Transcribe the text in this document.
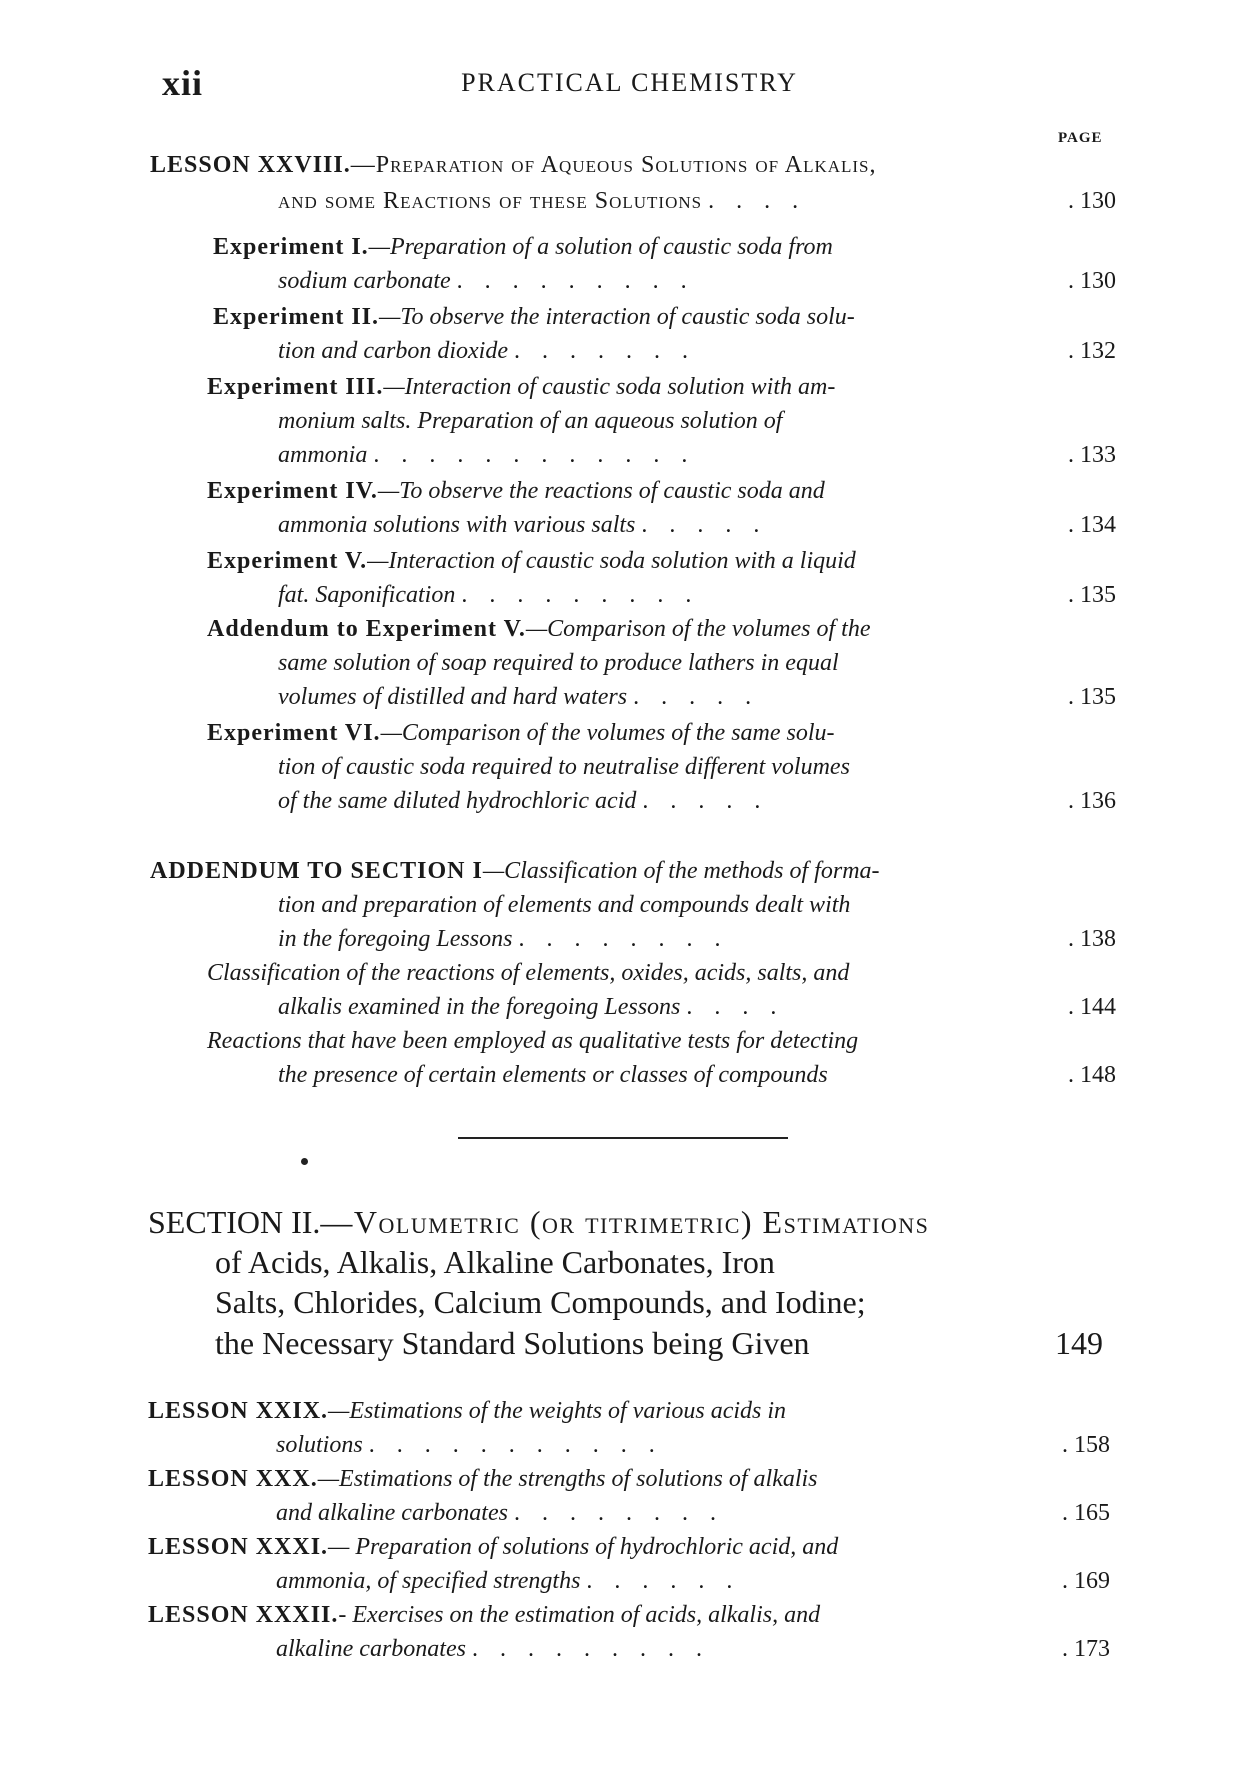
xii	PRACTICAL CHEMISTRY
PAGE
LESSON XXVIII.—Preparation of Aqueous Solutions of Alkalis,
and some Reactions of these Solutions ....	. 130
Experiment I.—Preparation of a solution of caustic soda from
sodium carbonate .........	. 130
Experiment II.—To observe the interaction of caustic soda solu-
tion and carbon dioxide .......	. 132
Experiment III.—Interaction of caustic soda solution with am-
monium salts. Preparation of an aqueous solution of
ammonia ............	. 133
Experiment IV.—To observe the reactions of caustic soda and
ammonia solutions with various salts .....	. 134
Experiment V.—Interaction of caustic soda solution with a liquid
fat. Saponification .........	. 135
Addendum to Experiment V.—Comparison of the volumes of the
same solution of soap required to produce lathers in equal
volumes of distilled and hard waters .....	. 135
Experiment VI.—Comparison of the volumes of the same solu-
tion of caustic soda required to neutralise different volumes
of the same diluted hydrochloric acid .....	. 136
ADDENDUM TO SECTION I—Classification of the methods of forma-
tion and preparation of elements and compounds dealt with
in the foregoing Lessons ........	. 138
Classification of the reactions of elements, oxides, acids, salts, and
alkalis examined in the foregoing Lessons ....	. 144
Reactions that have been employed as qualitative tests for detecting
the presence of certain elements or classes of compounds	. 148
SECTION II.—Volumetric (or titrimetric) Estimations
of Acids, Alkalis, Alkaline Carbonates, Iron
Salts, Chlorides, Calcium Compounds, and Iodine;
the Necessary Standard Solutions being Given	149
LESSON XXIX.—Estimations of the weights of various acids in
solutions ...........	. 158
LESSON XXX.—Estimations of the strengths of solutions of alkalis
and alkaline carbonates ........	. 165
LESSON XXXI.— Preparation of solutions of hydrochloric acid, and
ammonia, of specified strengths ......	. 169
LESSON XXXII.- Exercises on the estimation of acids, alkalis, and
alkaline carbonates .........	. 173
